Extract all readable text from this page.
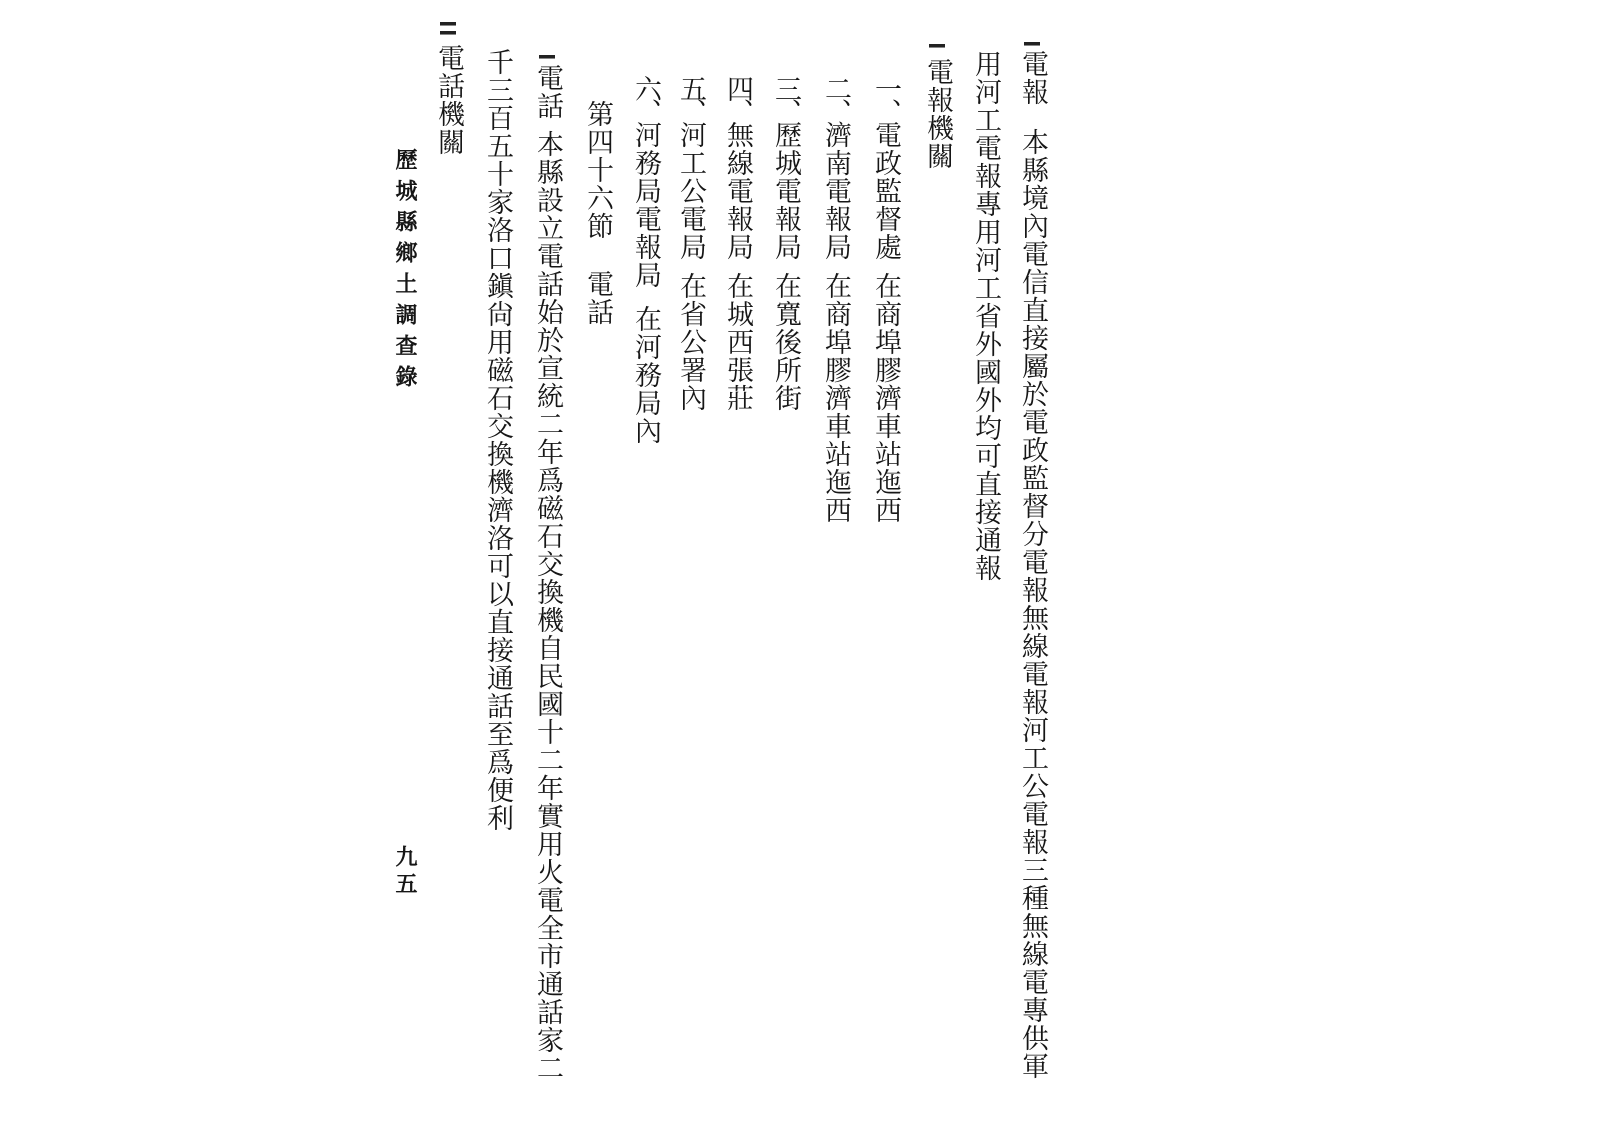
電報
本縣境內電信直接屬於電政監督分電報無線電報河工公電報三種無線電專供軍
用河工電報專用河工省外國外均可直接通報
電報機關
一、電政監督處
在商埠膠濟車站迤西
二、濟南電報局
在商埠膠濟車站迤西
三、歷城電報局
在寬後所街
四、無線電報局
在城西張莊
五、河工公電局
在省公署內
六、河務局電報局
在河務局內
第四十六節
電話
電話
本縣設立電話始於宣統二年爲磁石交換機自民國十二年實用火電全市通話家二
千三百五十家洛口鎭尙用磁石交換機濟洛可以直接通話至爲便利
電話機關
歷城縣鄉土調查錄
九五
